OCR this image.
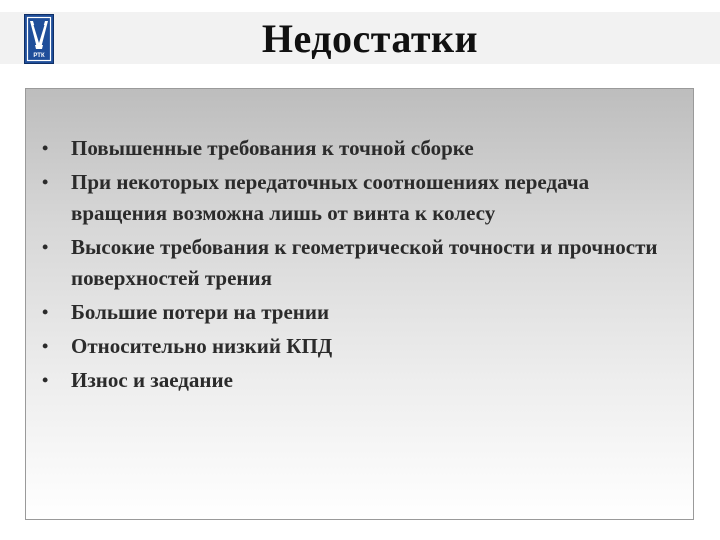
РТК	Недостатки
• Повышенные требования к точной сборке
• При некоторых передаточных соотношениях передача вращения возможна лишь от винта к колесу
• Высокие требования к геометрической точности и прочности поверхностей трения
• Большие потери на трении
• Относительно низкий КПД
• Износ и заедание
